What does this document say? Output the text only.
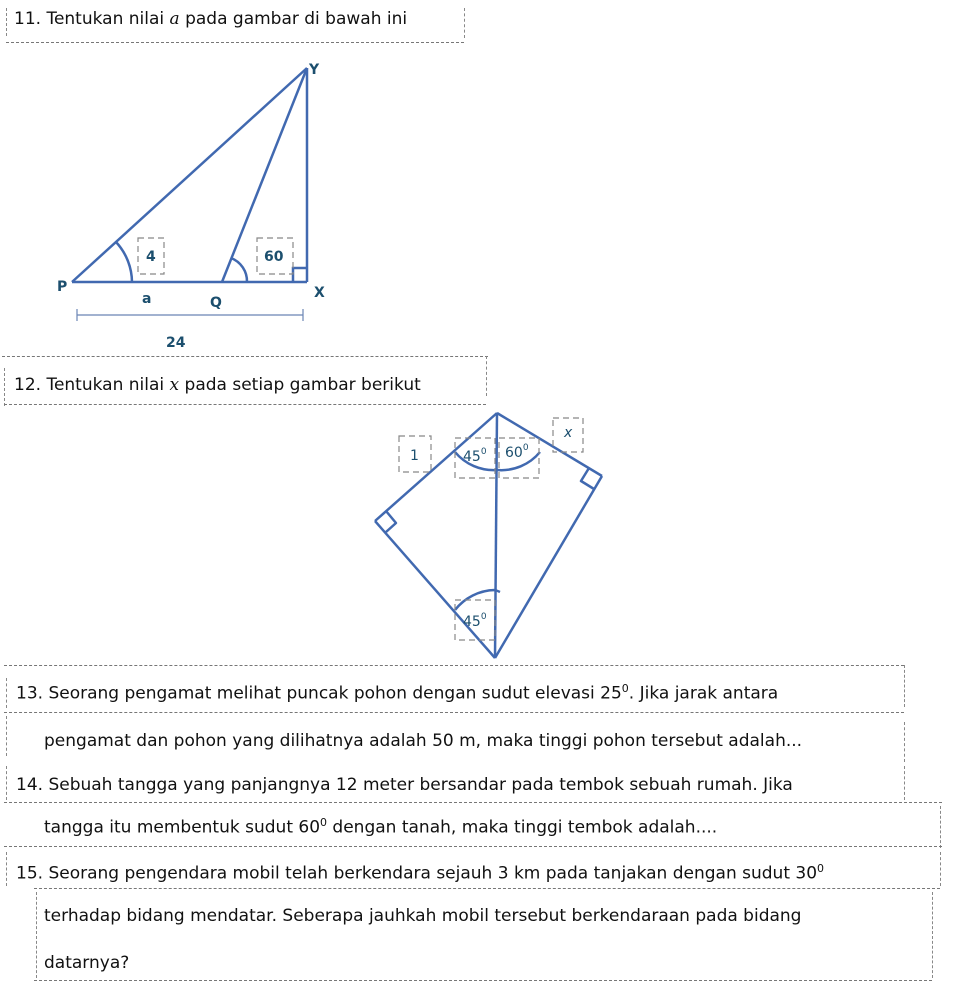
11. Tentukan nilai a pada gambar di bawah ini
Y
P
Q
X
4	60
a
24
12. Tentukan nilai x pada setiap gambar berikut
1
x
$45^0$ $60^0$
$45^0$
13. Seorang pengamat melihat puncak pohon dengan sudut elevasi $25^0$. Jika jarak antara
pengamat dan pohon yang dilihatnya adalah 50 m, maka tinggi pohon tersebut adalah...
14. Sebuah tangga yang panjangnya 12 meter bersandar pada tembok sebuah rumah. Jika
tangga itu membentuk sudut $60^0$ dengan tanah, maka tinggi tembok adalah....
15. Seorang pengendara mobil telah berkendara sejauh 3 km pada tanjakan dengan sudut $30^0$
terhadap bidang mendatar. Seberapa jauhkah mobil tersebut berkendaraan pada bidang
datarnya?
